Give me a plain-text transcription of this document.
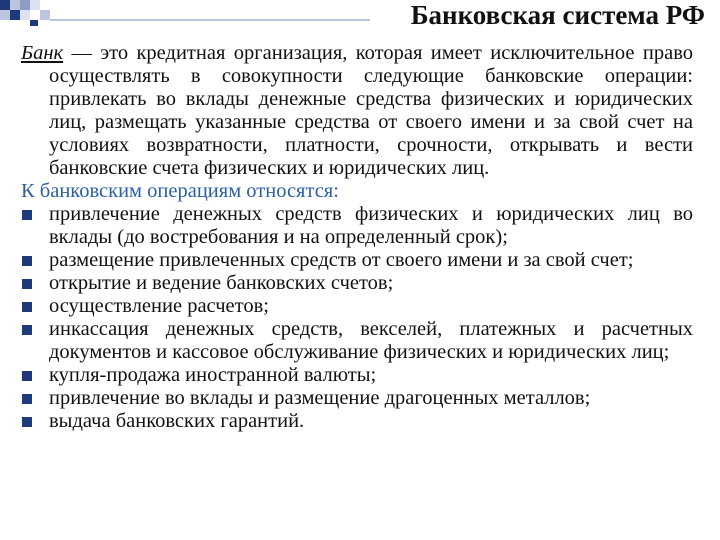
Банковская система РФ
Банк — это кредитная организация, которая имеет исключительное право осуществлять в совокупности следующие банковские операции: привлекать во вклады денежные средства физических и юридических лиц, размещать указанные средства от своего имени и за свой счет на условиях возвратности, платности, срочности, открывать и вести банковские счета физических и юридических лиц.
К банковским операциям относятся:
привлечение денежных средств физических и юридических лиц во вклады (до востребования и на определенный срок);
размещение привлеченных средств от своего имени и за свой счет;
открытие и ведение банковских счетов;
осуществление расчетов;
инкассация денежных средств, векселей, платежных и расчетных документов и кассовое обслуживание физических и юридических лиц;
купля-продажа иностранной валюты;
привлечение во вклады и размещение драгоценных металлов;
выдача банковских гарантий.
